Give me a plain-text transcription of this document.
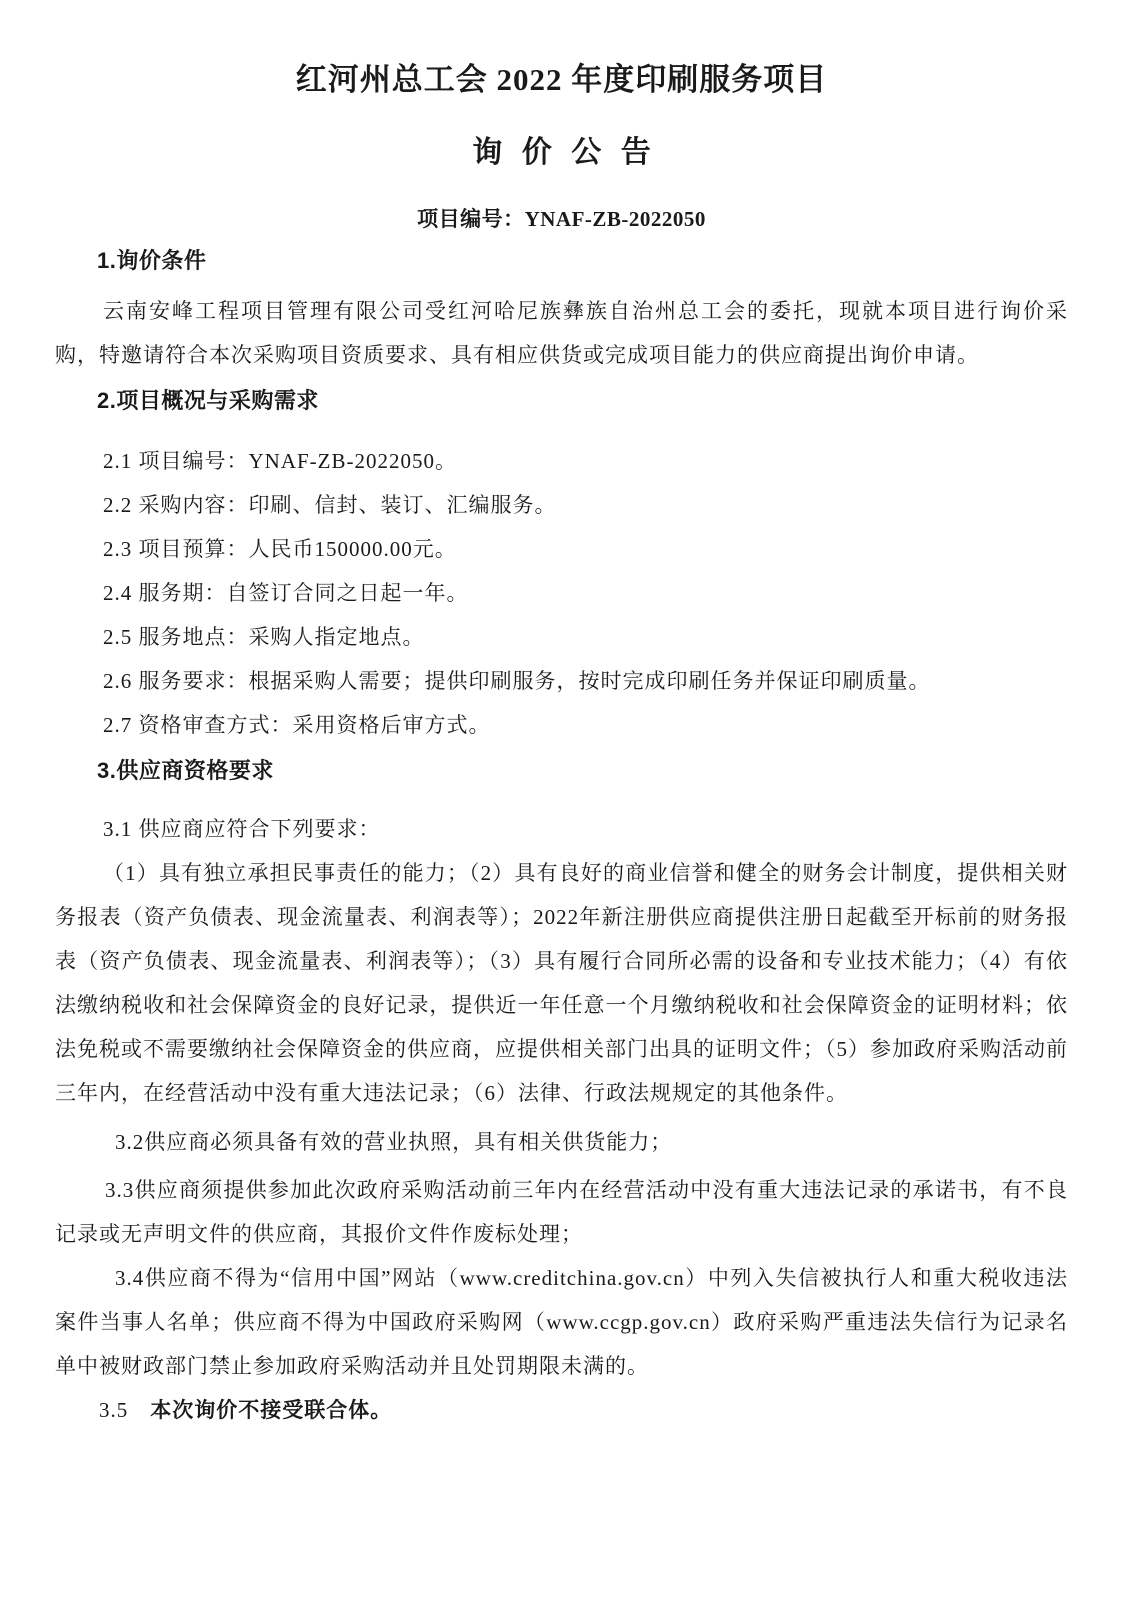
红河州总工会 2022 年度印刷服务项目
询 价 公 告

项目编号：YNAF-ZB-2022050

1.询价条件

云南安峰工程项目管理有限公司受红河哈尼族彝族自治州总工会的委托，现就本项目进行询价采购，特邀请符合本次采购项目资质要求、具有相应供货或完成项目能力的供应商提出询价申请。

2.项目概况与采购需求

2.1 项目编号：YNAF-ZB-2022050。

2.2 采购内容：印刷、信封、装订、汇编服务。

2.3 项目预算：人民币150000.00元。

2.4 服务期：自签订合同之日起一年。

2.5 服务地点：采购人指定地点。

2.6 服务要求：根据采购人需要；提供印刷服务，按时完成印刷任务并保证印刷质量。

2.7 资格审查方式：采用资格后审方式。

3.供应商资格要求

3.1 供应商应符合下列要求：

（1）具有独立承担民事责任的能力；（2）具有良好的商业信誉和健全的财务会计制度，提供相关财务报表（资产负债表、现金流量表、利润表等）；2022年新注册供应商提供注册日起截至开标前的财务报表（资产负债表、现金流量表、利润表等）；（3）具有履行合同所必需的设备和专业技术能力；（4）有依法缴纳税收和社会保障资金的良好记录，提供近一年任意一个月缴纳税收和社会保障资金的证明材料；依法免税或不需要缴纳社会保障资金的供应商，应提供相关部门出具的证明文件；（5）参加政府采购活动前三年内，在经营活动中没有重大违法记录；（6）法律、行政法规规定的其他条件。

3.2供应商必须具备有效的营业执照，具有相关供货能力；

3.3供应商须提供参加此次政府采购活动前三年内在经营活动中没有重大违法记录的承诺书，有不良记录或无声明文件的供应商，其报价文件作废标处理；

3.4供应商不得为“信用中国”网站（www.creditchina.gov.cn）中列入失信被执行人和重大税收违法案件当事人名单；供应商不得为中国政府采购网（www.ccgp.gov.cn）政府采购严重违法失信行为记录名单中被财政部门禁止参加政府采购活动并且处罚期限未满的。

3.5 本次询价不接受联合体。
